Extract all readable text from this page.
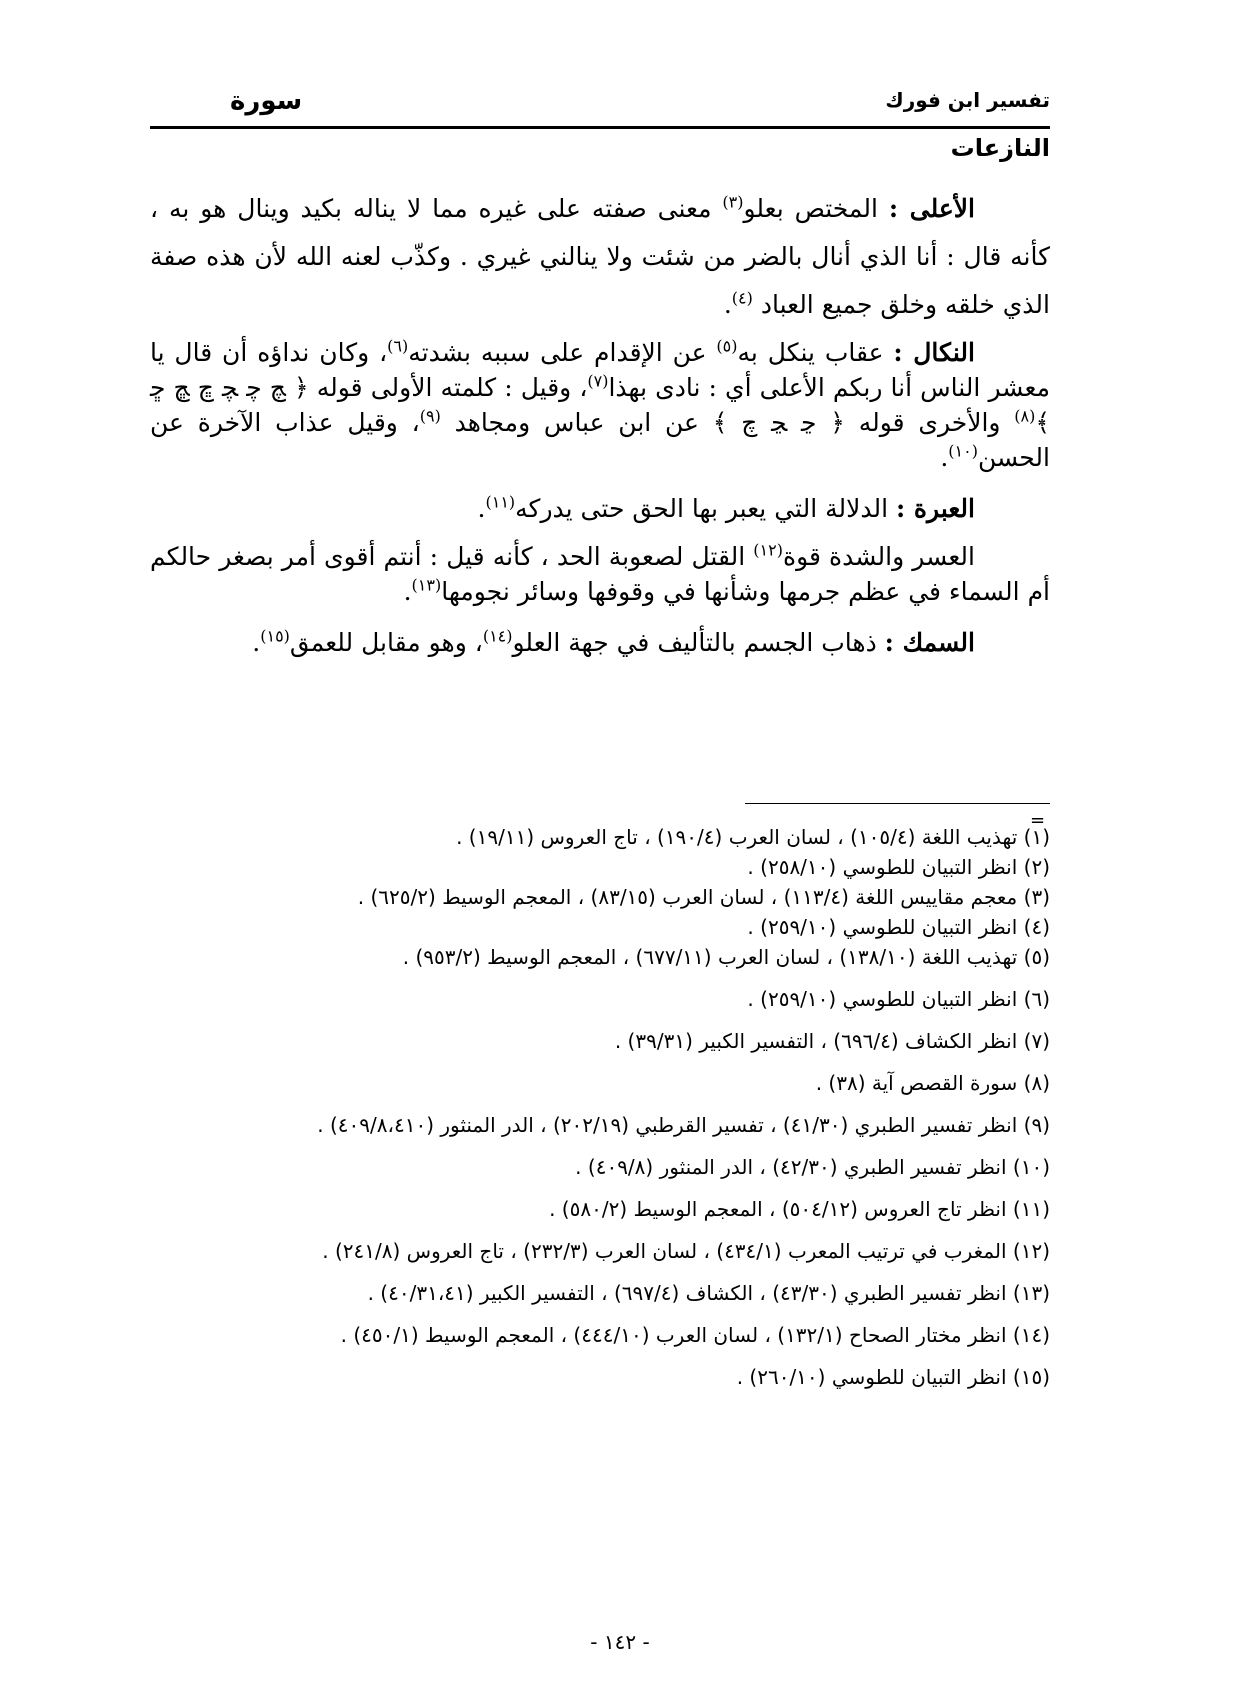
تفسير ابن فورك
سورة
النازعات

الأعلى : المختص بعلو$^{(٣)}$ معنى صفته على غيره مما لا يناله بكيد وينال هو به ، كأنه قال : أنا الذي أنال بالضر من شئت ولا ينالني غيري . وكذّب لعنه الله لأن هذه صفة الذي خلقه وخلق جميع العباد $^{(٤)}$.

النكال : عقاب ينكل به$^{(٥)}$ عن الإقدام على سببه بشدته$^{(٦)}$، وكان نداؤه أن قال يا معشر الناس أنا ربكم الأعلى أي : نادى بهذا$^{(٧)}$، وقيل : كلمته الأولى قوله ﴿ ﭻ ﭼ ﭽ ﭾ ﭿ ﮀ ﴾$^{(٨)}$ والأخرى قوله ﴿ ﭸ ﭹ ﭺ ﴾ عن ابن عباس ومجاهد $^{(٩)}$، وقيل عذاب الآخرة عن الحسن$^{(١٠)}$.

العبرة : الدلالة التي يعبر بها الحق حتى يدركه$^{(١١)}$.

العسر والشدة قوة$^{(١٢)}$ القتل لصعوبة الحد ، كأنه قيل : أنتم أقوى أمر بصغر حالكم أم السماء في عظم جرمها وشأنها في وقوفها وسائر نجومها$^{(١٣)}$.

السمك : ذهاب الجسم بالتأليف في جهة العلو$^{(١٤)}$، وهو مقابل للعمق$^{(١٥)}$.

=

(١) تهذيب اللغة (١٠٥/٤) ، لسان العرب (١٩٠/٤) ، تاج العروس (١٩/١١) .

(٢) انظر التبيان للطوسي (٢٥٨/١٠) .

(٣) معجم مقاييس اللغة (١١٣/٤) ، لسان العرب (٨٣/١٥) ، المعجم الوسيط (٦٢٥/٢) .

(٤) انظر التبيان للطوسي (٢٥٩/١٠) .

(٥) تهذيب اللغة (١٣٨/١٠) ، لسان العرب (٦٧٧/١١) ، المعجم الوسيط (٩٥٣/٢) .

(٦) انظر التبيان للطوسي (٢٥٩/١٠) .

(٧) انظر الكشاف (٦٩٦/٤) ، التفسير الكبير (٣٩/٣١) .

(٨) سورة القصص آية (٣٨) .

(٩) انظر تفسير الطبري (٤١/٣٠) ، تفسير القرطبي (٢٠٢/١٩) ، الدر المنثور (٤٠٩/٨،٤١٠) .

(١٠) انظر تفسير الطبري (٤٢/٣٠) ، الدر المنثور (٤٠٩/٨) .

(١١) انظر تاج العروس (٥٠٤/١٢) ، المعجم الوسيط (٥٨٠/٢) .

(١٢) المغرب في ترتيب المعرب (٤٣٤/١) ، لسان العرب (٢٣٢/٣) ، تاج العروس (٢٤١/٨) .

(١٣) انظر تفسير الطبري (٤٣/٣٠) ، الكشاف (٦٩٧/٤) ، التفسير الكبير (٤٠/٣١،٤١) .

(١٤) انظر مختار الصحاح (١٣٢/١) ، لسان العرب (٤٤٤/١٠) ، المعجم الوسيط (٤٥٠/١) .

(١٥) انظر التبيان للطوسي (٢٦٠/١٠) .

- ١٤٢ -
